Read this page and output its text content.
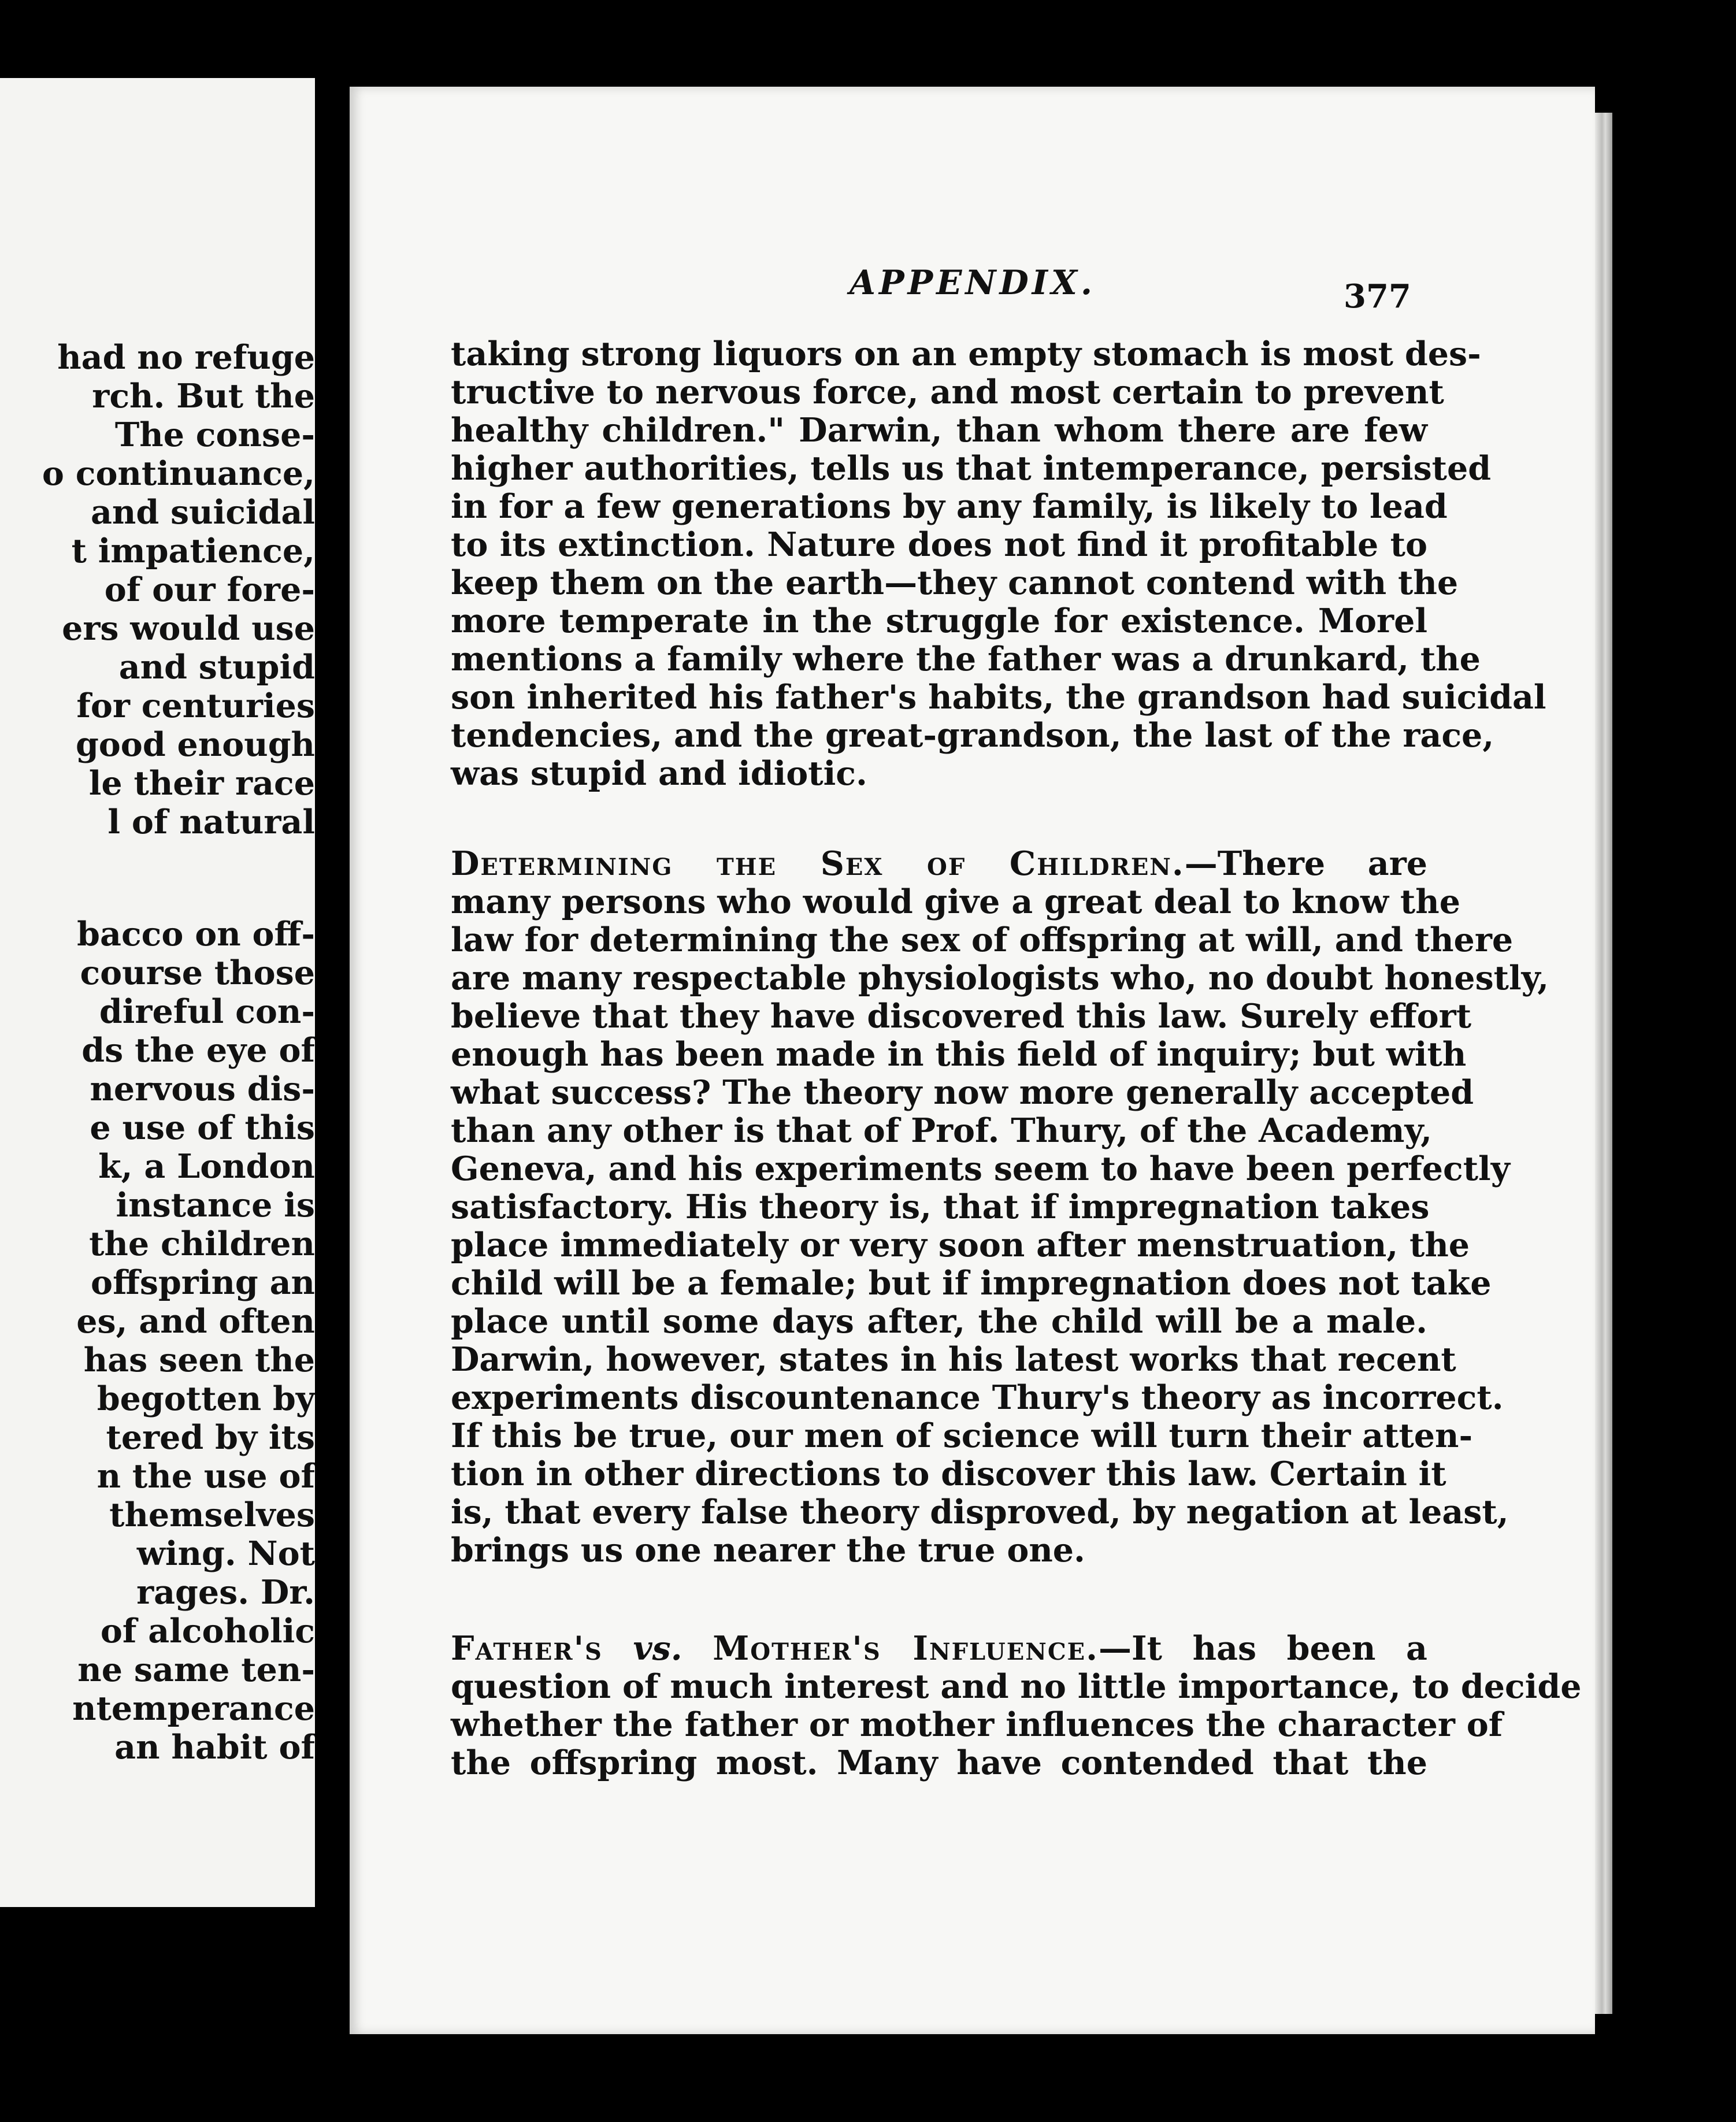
had no refuge
rch. But the
The conse-
o continuance,
and suicidal
t impatience,
of our fore-
ers would use
and stupid
for centuries
good enough
le their race
l of natural
bacco on off-
course those
direful con-
ds the eye of
nervous dis-
e use of this
k, a London
instance is
the children
offspring an
es, and often
has seen the
begotten by
tered by its
n the use of
themselves
wing. Not
rages. Dr.
of alcoholic
ne same ten-
ntemperance
an habit of
APPENDIX.	377
taking strong liquors on an empty stomach is most des-
tructive to nervous force, and most certain to prevent
healthy children." Darwin, than whom there are few
higher authorities, tells us that intemperance, persisted
in for a few generations by any family, is likely to lead
to its extinction. Nature does not find it profitable to
keep them on the earth—they cannot contend with the
more temperate in the struggle for existence. Morel
mentions a family where the father was a drunkard, the
son inherited his father's habits, the grandson had suicidal
tendencies, and the great-grandson, the last of the race,
was stupid and idiotic.
Determining the Sex of Children.—There are
many persons who would give a great deal to know the
law for determining the sex of offspring at will, and there
are many respectable physiologists who, no doubt honestly,
believe that they have discovered this law. Surely effort
enough has been made in this field of inquiry; but with
what success? The theory now more generally accepted
than any other is that of Prof. Thury, of the Academy,
Geneva, and his experiments seem to have been perfectly
satisfactory. His theory is, that if impregnation takes
place immediately or very soon after menstruation, the
child will be a female; but if impregnation does not take
place until some days after, the child will be a male.
Darwin, however, states in his latest works that recent
experiments discountenance Thury's theory as incorrect.
If this be true, our men of science will turn their atten-
tion in other directions to discover this law. Certain it
is, that every false theory disproved, by negation at least,
brings us one nearer the true one.
Father's vs. Mother's Influence.—It has been a
question of much interest and no little importance, to decide
whether the father or mother influences the character of
the offspring most. Many have contended that the
